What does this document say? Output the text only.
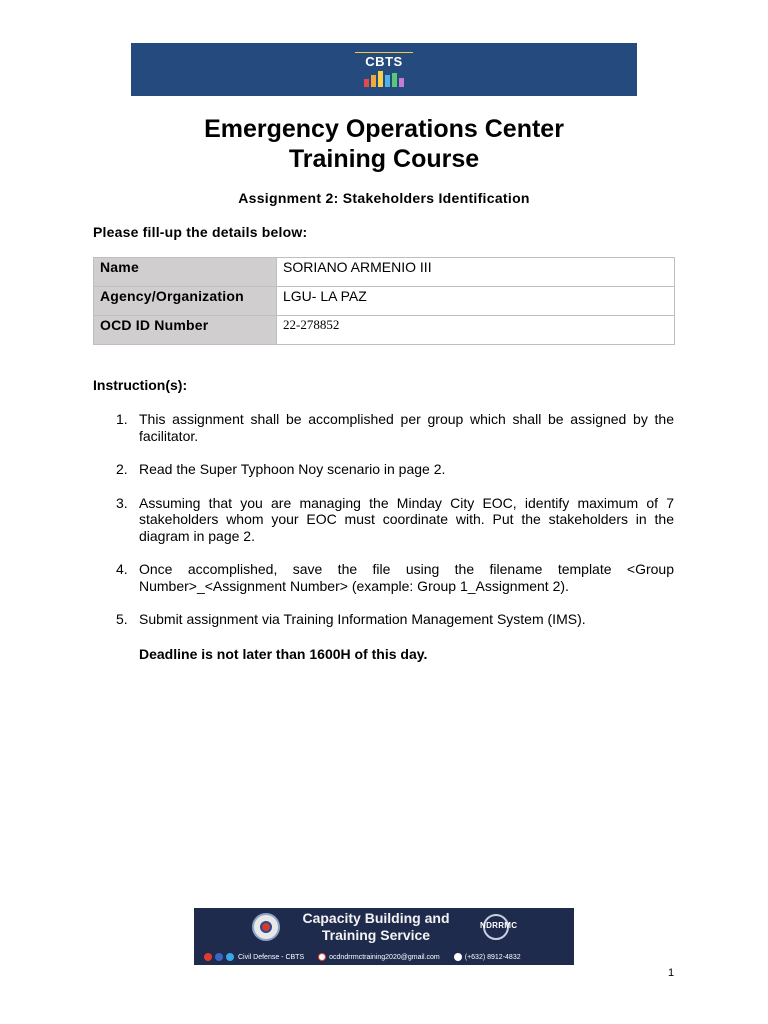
CBTS
Emergency Operations Center
Training Course
Assignment 2: Stakeholders Identification
Please fill-up the details below:
Name	SORIANO ARMENIO III
Agency/Organization	LGU- LA PAZ
OCD ID Number	22-278852
Instruction(s):
1. This assignment shall be accomplished per group which shall be assigned by the facilitator.
2. Read the Super Typhoon Noy scenario in page 2.
3. Assuming that you are managing the Minday City EOC, identify maximum of 7 stakeholders whom your EOC must coordinate with. Put the stakeholders in the diagram in page 2.
4. Once accomplished, save the file using the filename template <Group Number>_<Assignment Number> (example: Group 1_Assignment 2).
5. Submit assignment via Training Information Management System (IMS).
Deadline is not later than 1600H of this day.
Capacity Building and
Training Service
NDRRMC
Civil Defense - CBTS	ocdndrrmctraining2020@gmail.com	(+632) 8912-4832
1
